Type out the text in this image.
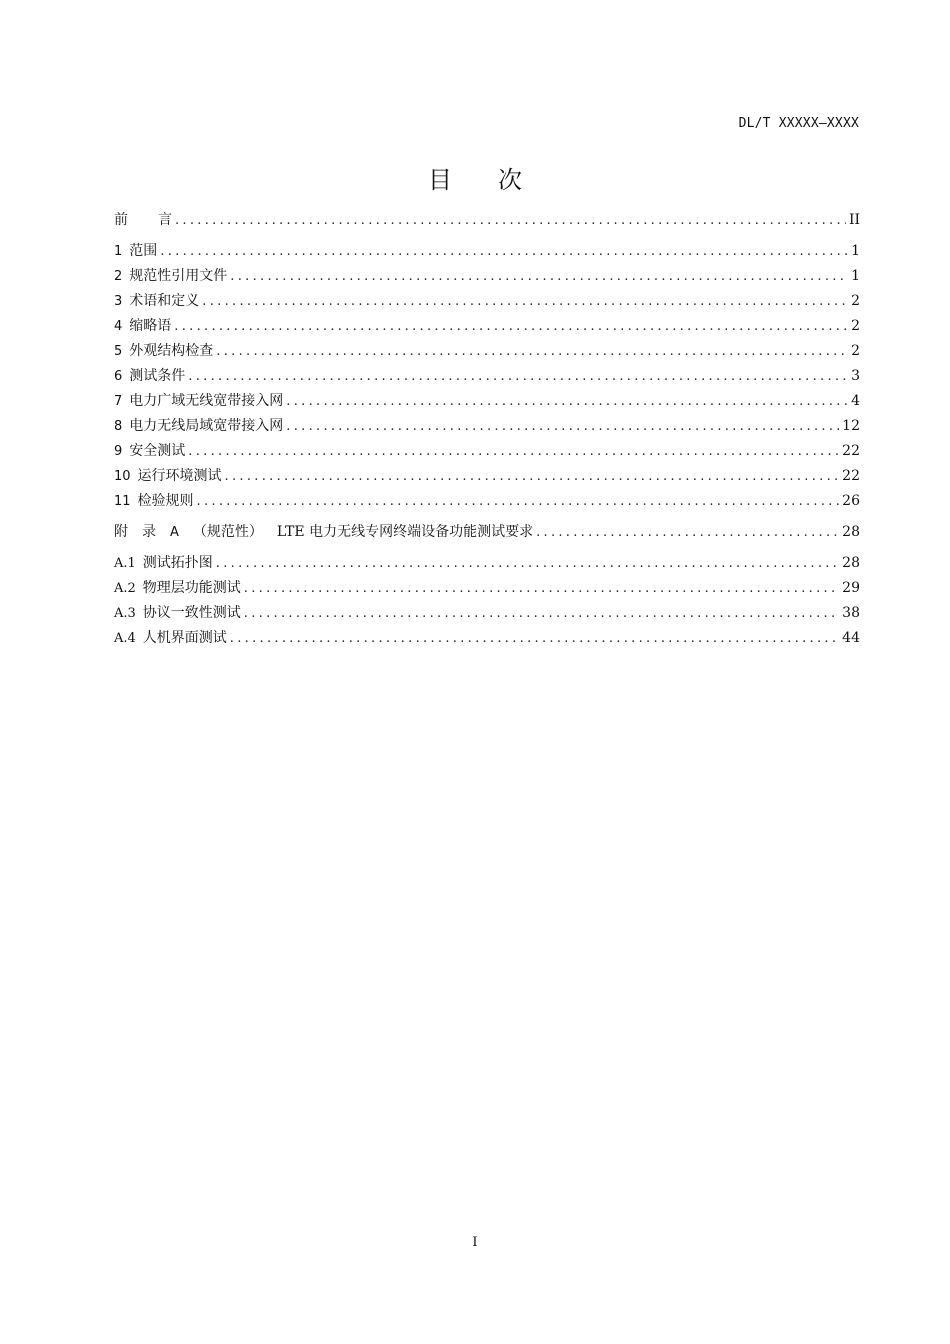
DL/T XXXXX—XXXX
目次
前 言 .....	II
1 范围 .....	1
2 规范性引用文件 .....	1
3 术语和定义 .....	2
4 缩略语 .....	2
5 外观结构检查 .....	2
6 测试条件 .....	3
7 电力广域无线宽带接入网 .....	4
8 电力无线局域宽带接入网 .....	12
9 安全测试 .....	22
10 运行环境测试 .....	22
11 检验规则 .....	26
附 录 A （规范性） LTE 电力无线专网终端设备功能测试要求 .....	28
A.1 测试拓扑图 .....	28
A.2 物理层功能测试 .....	29
A.3 协议一致性测试 .....	38
A.4 人机界面测试 .....	44
I
